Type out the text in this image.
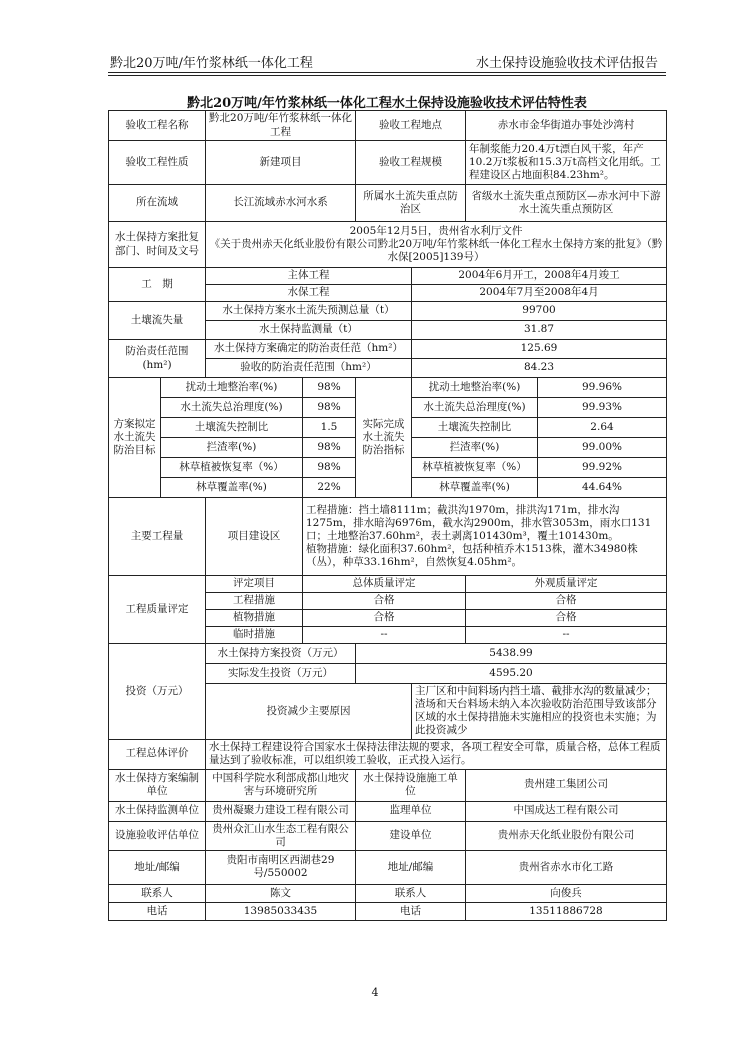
黔北20万吨/年竹浆林纸一体化工程	水土保持设施验收技术评估报告
黔北20万吨/年竹浆林纸一体化工程水土保持设施验收技术评估特性表
验收工程名称		黔北20万吨/年竹浆林纸一体化工程		验收工程地点		赤水市金华街道办事处沙湾村	
验收工程性质		新建项目		验收工程规模		年制浆能力20.4万t漂白风干浆，年产10.2万t浆板和15.3万t高档文化用纸。工程建设区占地面积84.23hm²。	
所在流域		长江流域赤水河水系		所属水土流失重点防治区		省级水土流失重点预防区—赤水河中下游水土流失重点预防区	
水土保持方案批复部门、时间及文号		2005年12月5日，贵州省水利厅文件
《关于贵州赤天化纸业股份有限公司黔北20万吨/年竹浆林纸一体化工程水土保持方案的批复》（黔水保[2005]139号）					

工　期		主体工程			2004年6月开工，2008年4月竣工		
		水保工程			2004年7月至2008年4月		
土壤流失量		水土保持方案水土流失预测总量（t）			99700		
		水土保持监测量（t）			31.87		
防治责任范围(hm²)		水土保持方案确定的防治责任范（hm²）			125.69		
		验收的防治责任范围（hm²）			84.23		
方案拟定水土流失防治目标	扰动土地整治率(%)		98%	实际完成水土流失防治指标	扰动土地整治率(%)		99.96%
	水土流失总治理度(%)		98%		水土流失总治理度(%)		99.93%
	土壤流失控制比		1.5		土壤流失控制比		2.64
	拦渣率(%)		98%		拦渣率(%)		99.00%
	林草植被恢复率（%）		98%		林草植被恢复率（%）		99.92%
	林草覆盖率(%)		22%		林草覆盖率(%)		44.64%
主要工程量		项目建设区	工程措施：挡土墙8111m；截洪沟1970m，排洪沟171m，排水沟1275m，排水暗沟6976m，截水沟2900m，排水管3053m，雨水口131口；土地整治37.60hm²，表土剥离101430m³，覆土101430m。
植物措施：绿化面积37.60hm²，包括种植乔木1513株，灌木34980株（丛），种草33.16hm²，自然恢复4.05hm²。				

工程质量评定		评定项目	总体质量评定			外观质量评定	
		工程措施	合格			合格	
		植物措施	合格			合格	
		临时措施	--			--	
投资（万元）		水土保持方案投资（万元）		5438.99			
		实际发生投资（万元）		4595.20			
		投资减少主要原因			主厂区和中间料场内挡土墙、截排水沟的数量减少；渣场和天台料场未纳入本次验收防治范围导致该部分区域的水土保持措施未实施相应的投资也未实施；为此投资减少		
工程总体评价		水土保持工程建设符合国家水土保持法律法规的要求，各项工程安全可靠，质量合格，总体工程质量达到了验收标准，可以组织竣工验收，正式投入运行。					
水土保持方案编制单位		中国科学院水利部成都山地灾害与环境研究所		水土保持设施施工单位		贵州建工集团公司	
水土保持监测单位		贵州凝聚力建设工程有限公司		监理单位		中国成达工程有限公司	
设施验收评估单位		贵州众汇山水生态工程有限公司		建设单位		贵州赤天化纸业股份有限公司	
地址/邮编		贵阳市南明区西湖巷29号/550002		地址/邮编		贵州省赤水市化工路	
联系人		陈文		联系人		向俊兵	
电话		13985033435		电话		13511886728	
4
